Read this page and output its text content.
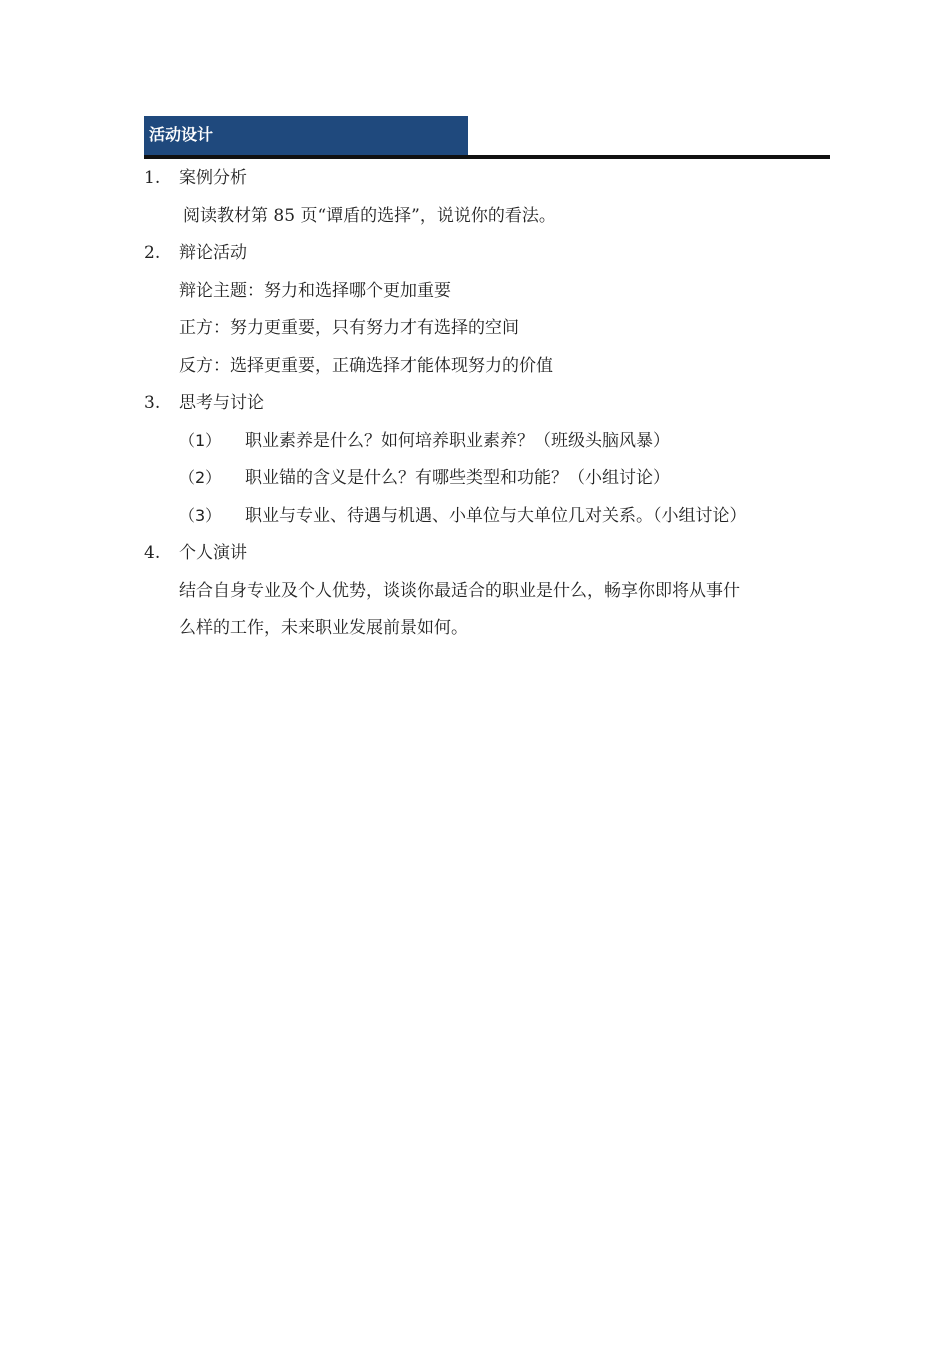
活动设计
1. 案例分析
阅读教材第 85 页“谭盾的选择”，说说你的看法。
2. 辩论活动
辩论主题：努力和选择哪个更加重要
正方：努力更重要，只有努力才有选择的空间
反方：选择更重要，正确选择才能体现努力的价值
3. 思考与讨论
（1） 职业素养是什么？如何培养职业素养？（班级头脑风暴）
（2） 职业锚的含义是什么？有哪些类型和功能？（小组讨论）
（3） 职业与专业、待遇与机遇、小单位与大单位几对关系。（小组讨论）
4. 个人演讲
结合自身专业及个人优势，谈谈你最适合的职业是什么，畅享你即将从事什
么样的工作，未来职业发展前景如何。
